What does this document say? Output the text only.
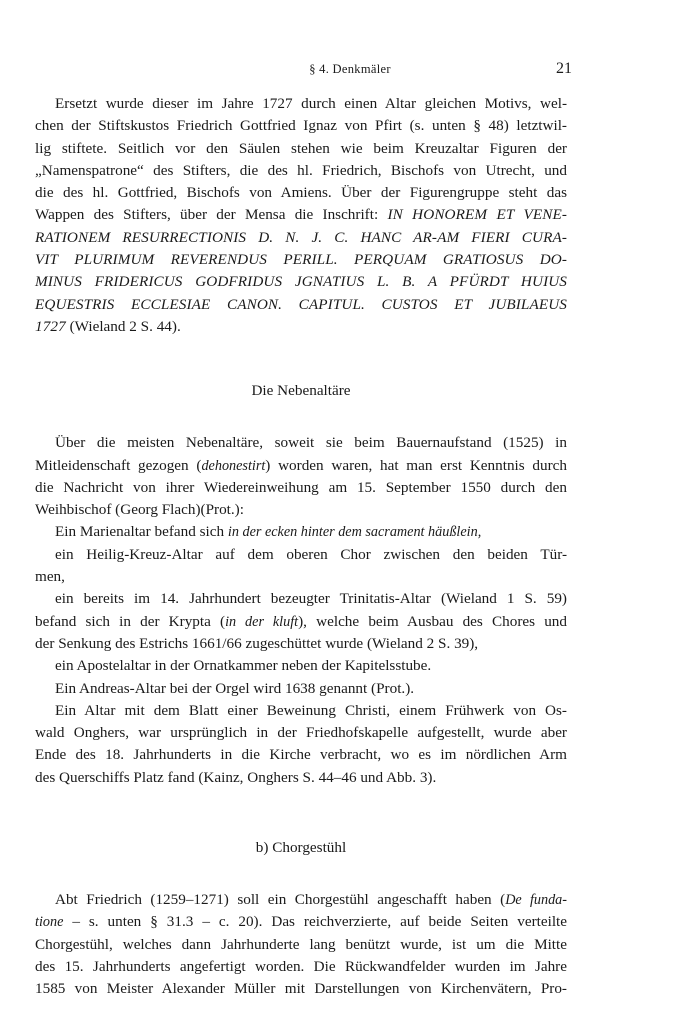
§ 4. Denkmäler	21
Ersetzt wurde dieser im Jahre 1727 durch einen Altar gleichen Motivs, wel-
chen der Stiftskustos Friedrich Gottfried Ignaz von Pfirt (s. unten § 48) letztwil-
lig stiftete. Seitlich vor den Säulen stehen wie beim Kreuzaltar Figuren der
„Namenspatrone“ des Stifters, die des hl. Friedrich, Bischofs von Utrecht, und
die des hl. Gottfried, Bischofs von Amiens. Über der Figurengruppe steht das
Wappen des Stifters, über der Mensa die Inschrift: IN HONOREM ET VENE-
RATIONEM RESURRECTIONIS D. N. J. C. HANC AR-AM FIERI CURA-
VIT PLURIMUM REVERENDUS PERILL. PERQUAM GRATIOSUS DO-
MINUS FRIDERICUS GODFRIDUS JGNATIUS L. B. A PFÜRDT HUIUS
EQUESTRIS ECCLESIAE CANON. CAPITUL. CUSTOS ET JUBILAEUS
1727 (Wieland 2 S. 44).
Die Nebenaltäre
Über die meisten Nebenaltäre, soweit sie beim Bauernaufstand (1525) in
Mitleidenschaft gezogen (dehonestirt) worden waren, hat man erst Kenntnis durch
die Nachricht von ihrer Wiedereinweihung am 15. September 1550 durch den
Weihbischof (Georg Flach)(Prot.):
Ein Marienaltar befand sich in der ecken hinter dem sacrament häußlein,
ein Heilig-Kreuz-Altar auf dem oberen Chor zwischen den beiden Tür-
men,
ein bereits im 14. Jahrhundert bezeugter Trinitatis-Altar (Wieland 1 S. 59)
befand sich in der Krypta (in der kluft), welche beim Ausbau des Chores und
der Senkung des Estrichs 1661/66 zugeschüttet wurde (Wieland 2 S. 39),
ein Apostelaltar in der Ornatkammer neben der Kapitelsstube.
Ein Andreas-Altar bei der Orgel wird 1638 genannt (Prot.).
Ein Altar mit dem Blatt einer Beweinung Christi, einem Frühwerk von Os-
wald Onghers, war ursprünglich in der Friedhofskapelle aufgestellt, wurde aber
Ende des 18. Jahrhunderts in die Kirche verbracht, wo es im nördlichen Arm
des Querschiffs Platz fand (Kainz, Onghers S. 44–46 und Abb. 3).
b) Chorgestühl
Abt Friedrich (1259–1271) soll ein Chorgestühl angeschafft haben (De funda-
tione – s. unten § 31.3 – c. 20). Das reichverzierte, auf beide Seiten verteilte
Chorgestühl, welches dann Jahrhunderte lang benützt wurde, ist um die Mitte
des 15. Jahrhunderts angefertigt worden. Die Rückwandfelder wurden im Jahre
1585 von Meister Alexander Müller mit Darstellungen von Kirchenvätern, Pro-
